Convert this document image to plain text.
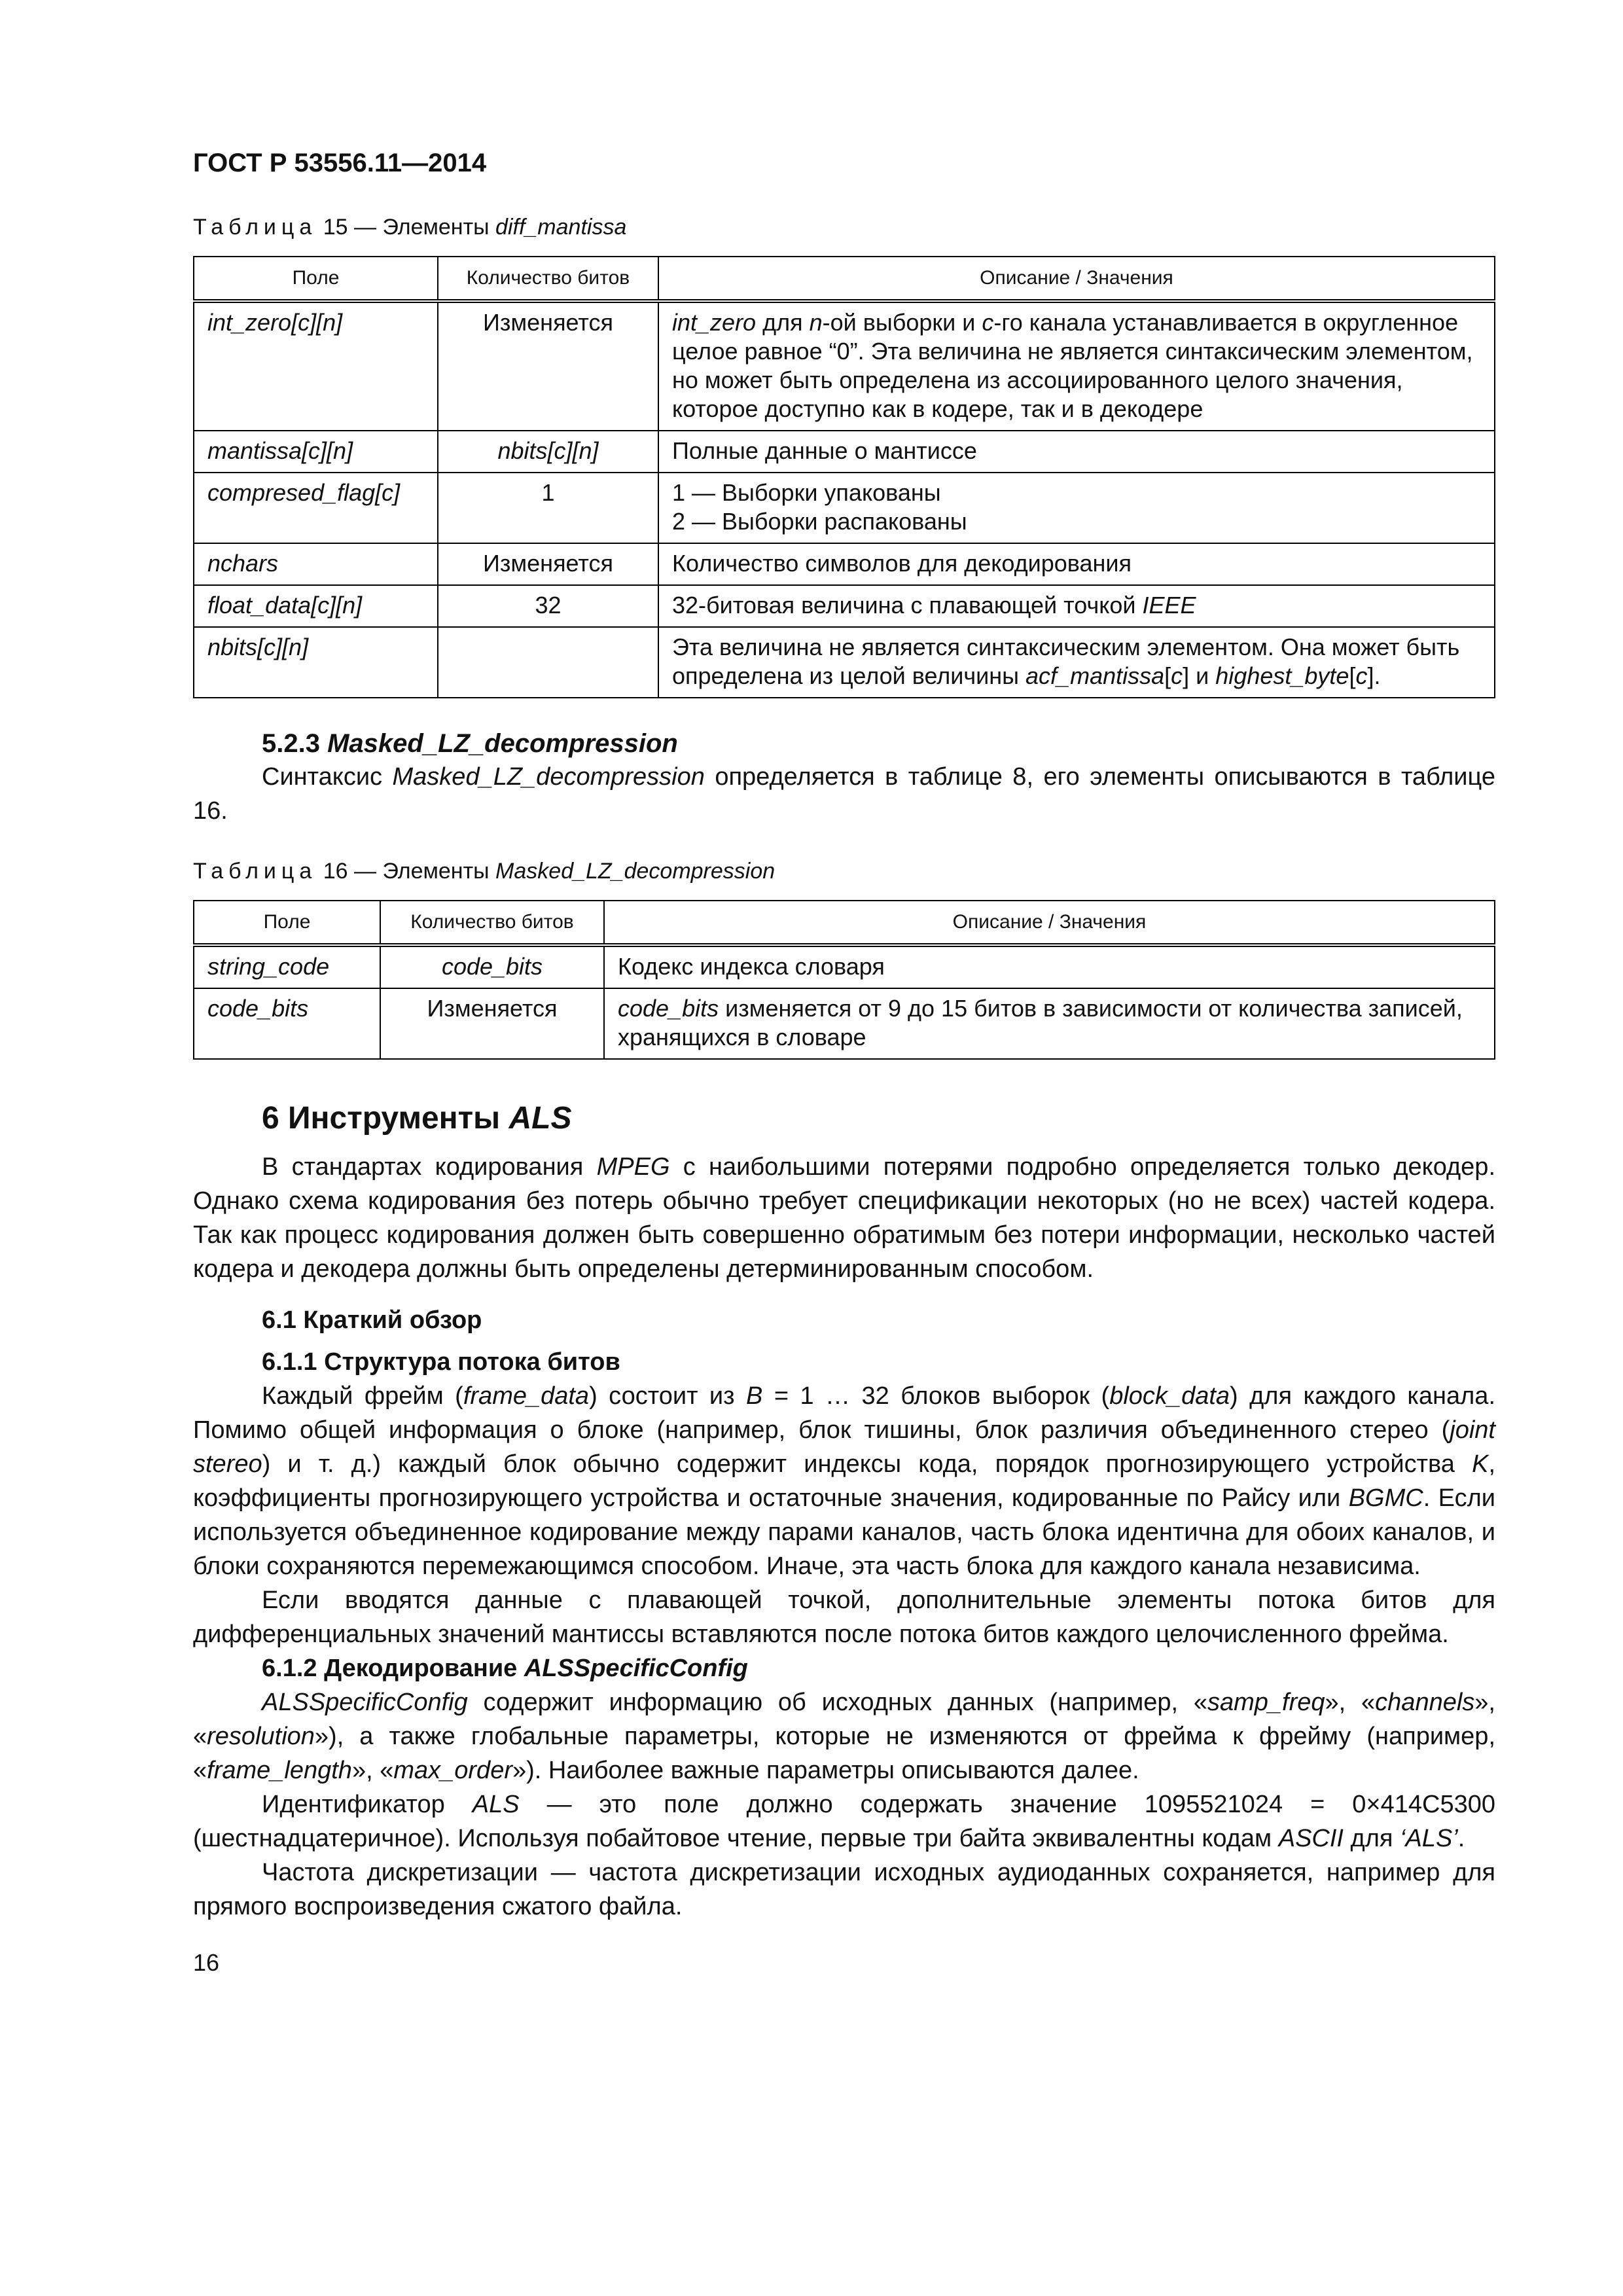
ГОСТ Р 53556.11—2014
Таблица 15 — Элементы diff_mantissa
Поле	Количество битов	Описание / Значения
int_zero[c][n]	Изменяется	int_zero для n-ой выборки и c-го канала устанавливается в округленное целое равное “0”. Эта величина не является синтаксическим элементом, но может быть определена из ассоциированного целого значения, которое доступно как в кодере, так и в декодере
mantissa[c][n]	nbits[c][n]	Полные данные о мантиссе
compresed_flag[c]	1	1 — Выборки упакованы
2 — Выборки распакованы
nchars	Изменяется	Количество символов для декодирования
float_data[c][n]	32	32-битовая величина с плавающей точкой IEEE
nbits[c][n]		Эта величина не является синтаксическим элементом. Она может быть определена из целой величины acf_mantissa[c] и highest_byte[c].
5.2.3 Masked_LZ_decompression

Синтаксис Masked_LZ_decompression определяется в таблице 8, его элементы описываются в таблице 16.

Таблица 16 — Элементы Masked_LZ_decompression
Поле	Количество битов	Описание / Значения
string_code	code_bits	Кодекс индекса словаря
code_bits	Изменяется	code_bits изменяется от 9 до 15 битов в зависимости от количества записей, хранящихся в словаре
6 Инструменты ALS

В стандартах кодирования MPEG с наибольшими потерями подробно определяется только декодер. Однако схема кодирования без потерь обычно требует спецификации некоторых (но не всех) частей кодера. Так как процесс кодирования должен быть совершенно обратимым без потери информации, несколько частей кодера и декодера должны быть определены детерминированным способом.

6.1 Краткий обзор
6.1.1 Структура потока битов

Каждый фрейм (frame_data) состоит из B = 1 … 32 блоков выборок (block_data) для каждого канала. Помимо общей информация о блоке (например, блок тишины, блок различия объединенного стерео (joint stereo) и т. д.) каждый блок обычно содержит индексы кода, порядок прогнозирующего устройства K, коэффициенты прогнозирующего устройства и остаточные значения, кодированные по Райсу или BGMC. Если используется объединенное кодирование между парами каналов, часть блока идентична для обоих каналов, и блоки сохраняются перемежающимся способом. Иначе, эта часть блока для каждого канала независима.

Если вводятся данные с плавающей точкой, дополнительные элементы потока битов для дифференциальных значений мантиссы вставляются после потока битов каждого целочисленного фрейма.

6.1.2 Декодирование ALSSpecificConfig

ALSSpecificConfig содержит информацию об исходных данных (например, «samp_freq», «channels», «resolution»), а также глобальные параметры, которые не изменяются от фрейма к фрейму (например, «frame_length», «max_order»). Наиболее важные параметры описываются далее.

Идентификатор ALS — это поле должно содержать значение 1095521024 = 0×414C5300 (шестнадцатеричное). Используя побайтовое чтение, первые три байта эквивалентны кодам ASCII для ‘ALS’.

Частота дискретизации — частота дискретизации исходных аудиоданных сохраняется, например для прямого воспроизведения сжатого файла.

16
